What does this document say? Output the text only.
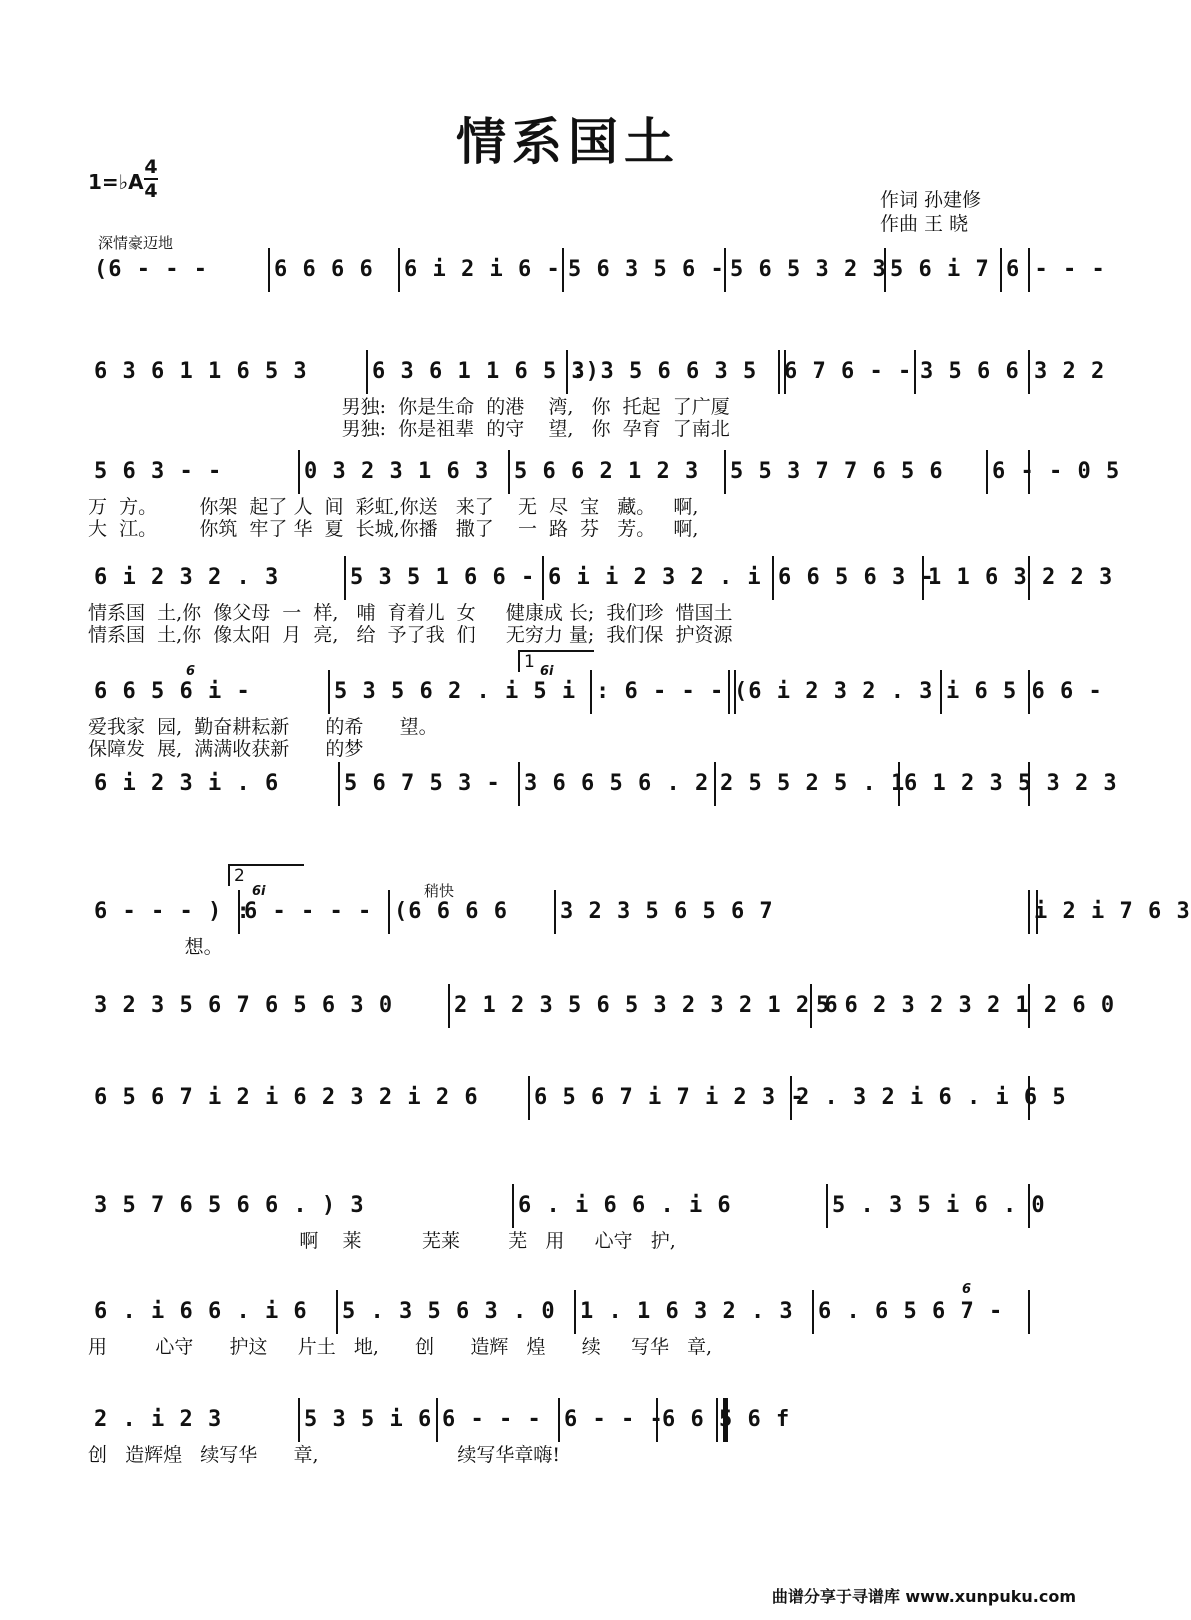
情系国土
1=♭A
4
4	作词 孙建修
作曲 王 晓
深情豪迈地
稍快
1
2
6
6
6i
6i
(6 - - -	6 6 6 6	6 i 2 i 6 - 5 6 3 5 6 - 5 6 5 3 2 3 5 6 i 7 6 - - -
6 3 6 1 1 6 5 3	6 3 6 1 1 6 5 3)
: 3 5 6 6 3 5	6 7 6 - - 3 5 6 6 3 2 2
男独:  你是生命  的港    湾,   你  托起  了广厦
男独:  你是祖辈  的守    望,   你  孕育  了南北
5 6 3 - -	0 3 2 3 1 6 3	5 6 6 2 1 2 3	5 5 3 7 7 6 5 6	6 - - 0 5
万  方。       你架  起了 人  间  彩虹,你送   来了    无  尽  宝   藏。   啊,
大  江。       你筑  牢了 华  夏  长城,你播   撒了    一  路  芬   芳。   啊,
6 i 2 3 2 . 3	5 3 5 1 6 6 - 6 i i 2 3 2 . i 6 6 5 6 3 -
1 1 6 3 2 2 3
情系国  土,你  像父母  一  样,   哺  育着儿  女     健康成 长;  我们珍  惜国土
情系国  土,你  像太阳  月  亮,   给  予了我  们     无穷力 量;  我们保  护资源
6 6 5 6 i -	5 3 5 6 2 . i 5 i : 6 - - - (6 i 2 3 2 . 3 i 6 5 6 6 -
爱我家  园,  勤奋耕耘新      的希      望。
保障发  展,  满满收获新      的梦
6 i 2 3 i . 6	5 6 7 5 3 -	3 6 6 5 6 . 2 2 5 5 2 5 . 1
6 1 2 3 5 3 2 3
6 - - - ) :
6 - - - - (6 6 6 6	3 2 3 5 6 5 6 7	i 2 i 7 6 3
想。
3 2 3 5 6 7 6 5 6 3 0	2 1 2 3 5 6 5 3 2 3 2 1 2 6
5 6 2 3 2 3 2 1 2 6 0
6 5 6 7 i 2 i 6 2 3 2 i 2 6	6 5 6 7 i 7 i 2 3 -
2 . 3 2 i 6 . i 6 5
3 5 7 6 5 6 6 . ) 3	6 . i 6 6 . i 6	5 . 3 5 i 6 . 0
啊    莱          芜莱        芜   用     心守   护,
6 . i 6 6 . i 6	5 . 3 5 6 3 . 0	1 . 1 6 3 2 . 3	6 . 6 5 6 7 -
用        心守      护这     片土   地,      创      造辉   煌      续     写华   章,
2 . i 2 3	5 3 5 i 6 6 - - -	6 - - -
6 6 5 6 f
创   造辉煌   续写华      章,                       续写华章嗨!
曲谱分享于寻谱库 www.xunpuku.com
